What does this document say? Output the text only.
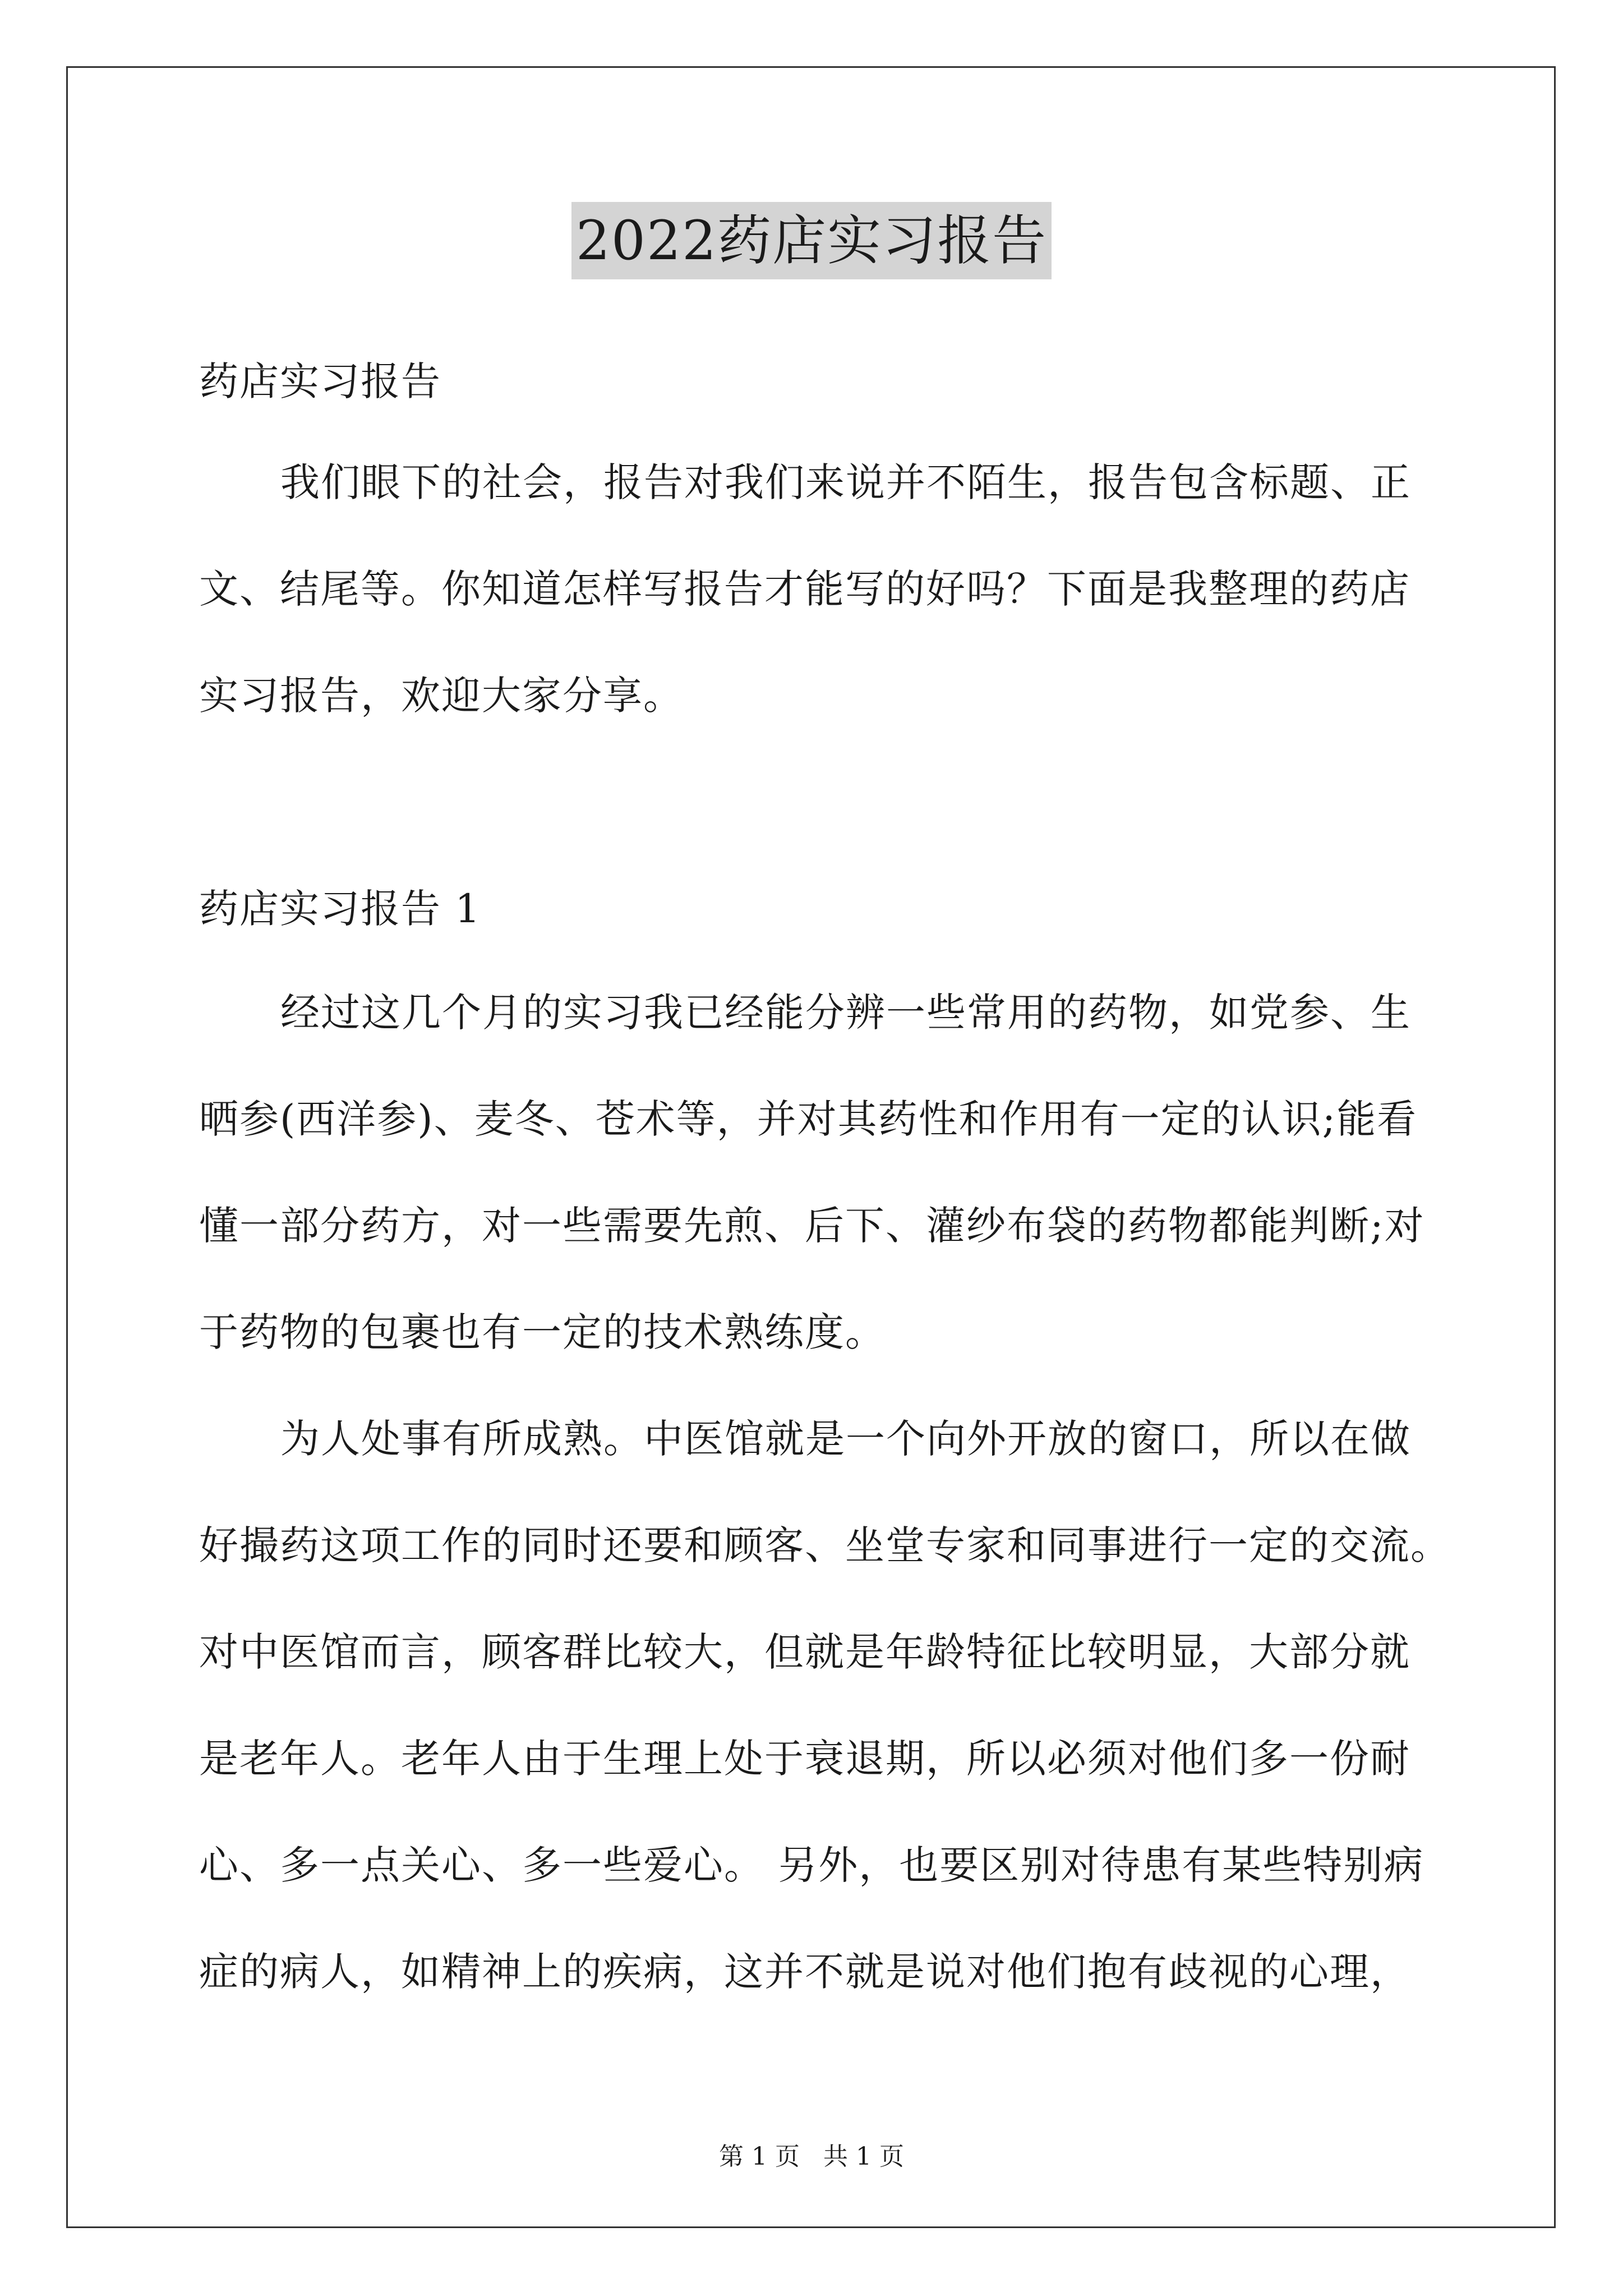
2022药店实习报告
药店实习报告
我们眼下的社会，报告对我们来说并不陌生，报告包含标题、正
文、结尾等。你知道怎样写报告才能写的好吗？下面是我整理的药店
实习报告，欢迎大家分享。
药店实习报告 1
经过这几个月的实习我已经能分辨一些常用的药物，如党参、生
晒参(西洋参)、麦冬、苍术等，并对其药性和作用有一定的认识;能看
懂一部分药方，对一些需要先煎、后下、灌纱布袋的药物都能判断;对
于药物的包裹也有一定的技术熟练度。
为人处事有所成熟。中医馆就是一个向外开放的窗口，所以在做
好撮药这项工作的同时还要和顾客、坐堂专家和同事进行一定的交流。
对中医馆而言，顾客群比较大，但就是年龄特征比较明显，大部分就
是老年人。老年人由于生理上处于衰退期，所以必须对他们多一份耐
心、多一点关心、多一些爱心。 另外，也要区别对待患有某些特别病
症的病人，如精神上的疾病，这并不就是说对他们抱有歧视的心理，
第 1 页 共 1 页
